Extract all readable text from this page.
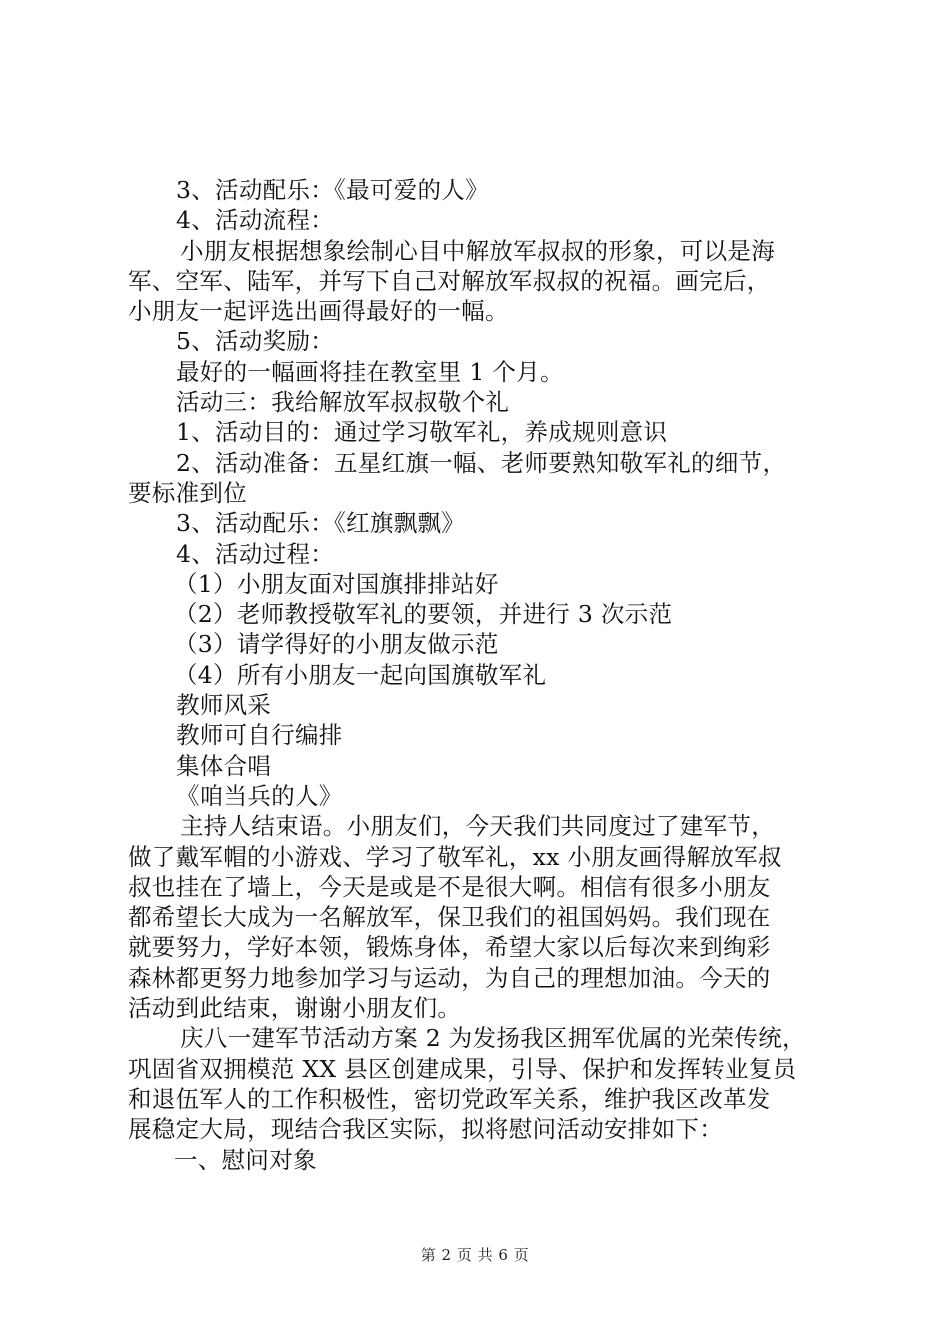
3、活动配乐：《最可爱的人》
4、活动流程：
小朋友根据想象绘制心目中解放军叔叔的形象，可以是海
军、空军、陆军，并写下自己对解放军叔叔的祝福。画完后，
小朋友一起评选出画得最好的一幅。
5、活动奖励：
最好的一幅画将挂在教室里 1 个月。
活动三：我给解放军叔叔敬个礼
1、活动目的：通过学习敬军礼，养成规则意识
2、活动准备：五星红旗一幅、老师要熟知敬军礼的细节，
要标准到位
3、活动配乐：《红旗飘飘》
4、活动过程：
（1）小朋友面对国旗排排站好
（2）老师教授敬军礼的要领，并进行 3 次示范
（3）请学得好的小朋友做示范
（4）所有小朋友一起向国旗敬军礼
教师风采
教师可自行编排
集体合唱
《咱当兵的人》
主持人结束语。小朋友们，今天我们共同度过了建军节，
做了戴军帽的小游戏、学习了敬军礼，xx 小朋友画得解放军叔
叔也挂在了墙上，今天是或是不是很大啊。相信有很多小朋友
都希望长大成为一名解放军，保卫我们的祖国妈妈。我们现在
就要努力，学好本领，锻炼身体，希望大家以后每次来到绚彩
森林都更努力地参加学习与运动，为自己的理想加油。今天的
活动到此结束，谢谢小朋友们。
庆八一建军节活动方案 2 为发扬我区拥军优属的光荣传统，
巩固省双拥模范 XX 县区创建成果，引导、保护和发挥转业复员
和退伍军人的工作积极性，密切党政军关系，维护我区改革发
展稳定大局，现结合我区实际，拟将慰问活动安排如下：
一、慰问对象
第 2 页 共 6 页
